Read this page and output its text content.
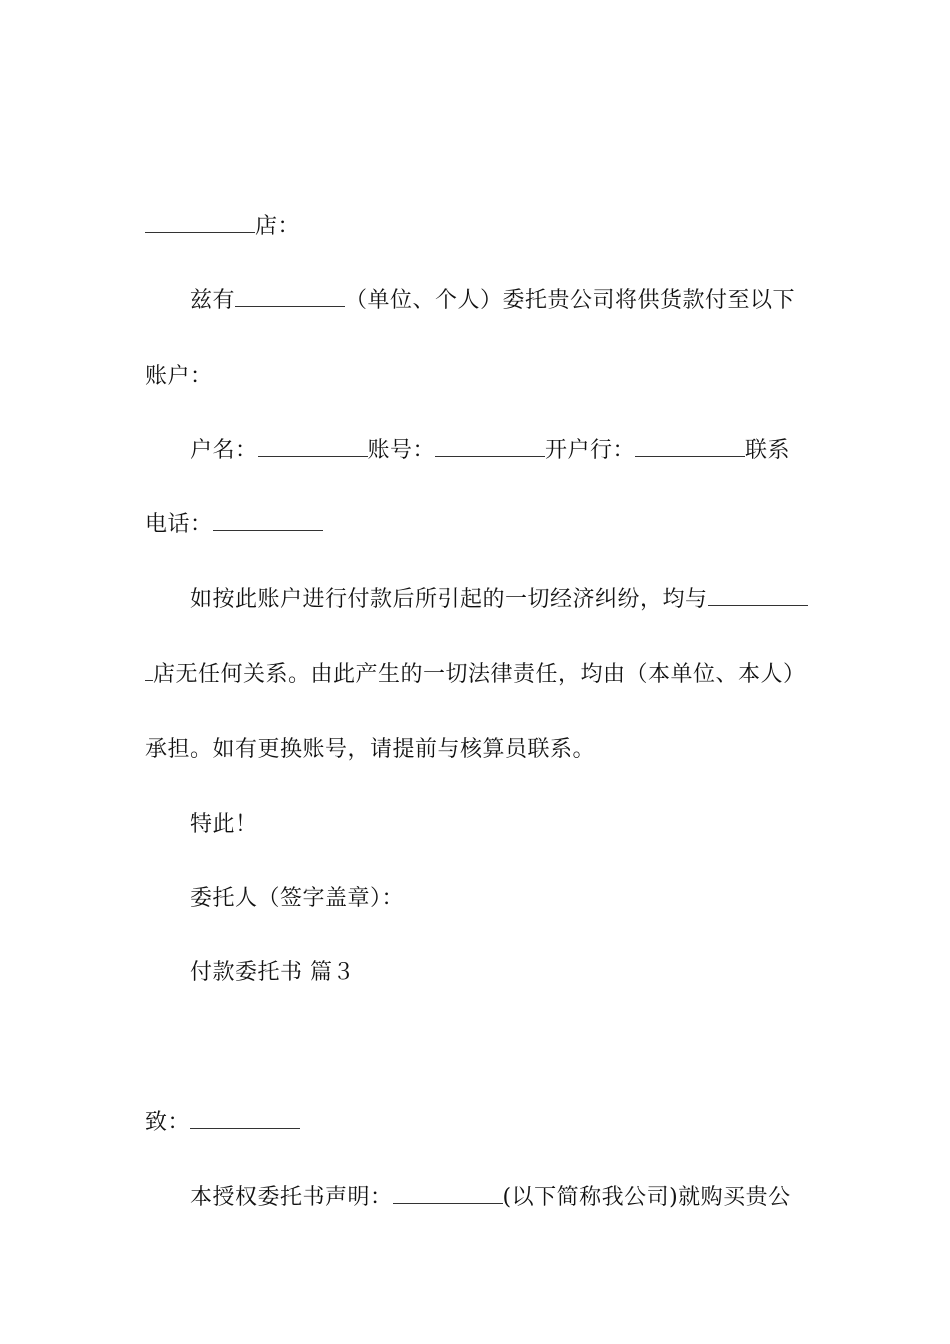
店：
兹有	（单位、个人）委托贵公司将供货款付至以下
账户：
户名：	账号：	开户行：	联系
电话：
如按此账户进行付款后所引起的一切经济纠纷，均与
店无任何关系。由此产生的一切法律责任，均由（本单位、本人）
承担。如有更换账号，请提前与核算员联系。
特此！
委托人（签字盖章）：
付款委托书 篇３
致：
本授权委托书声明：	(以下简称我公司)就购买贵公
